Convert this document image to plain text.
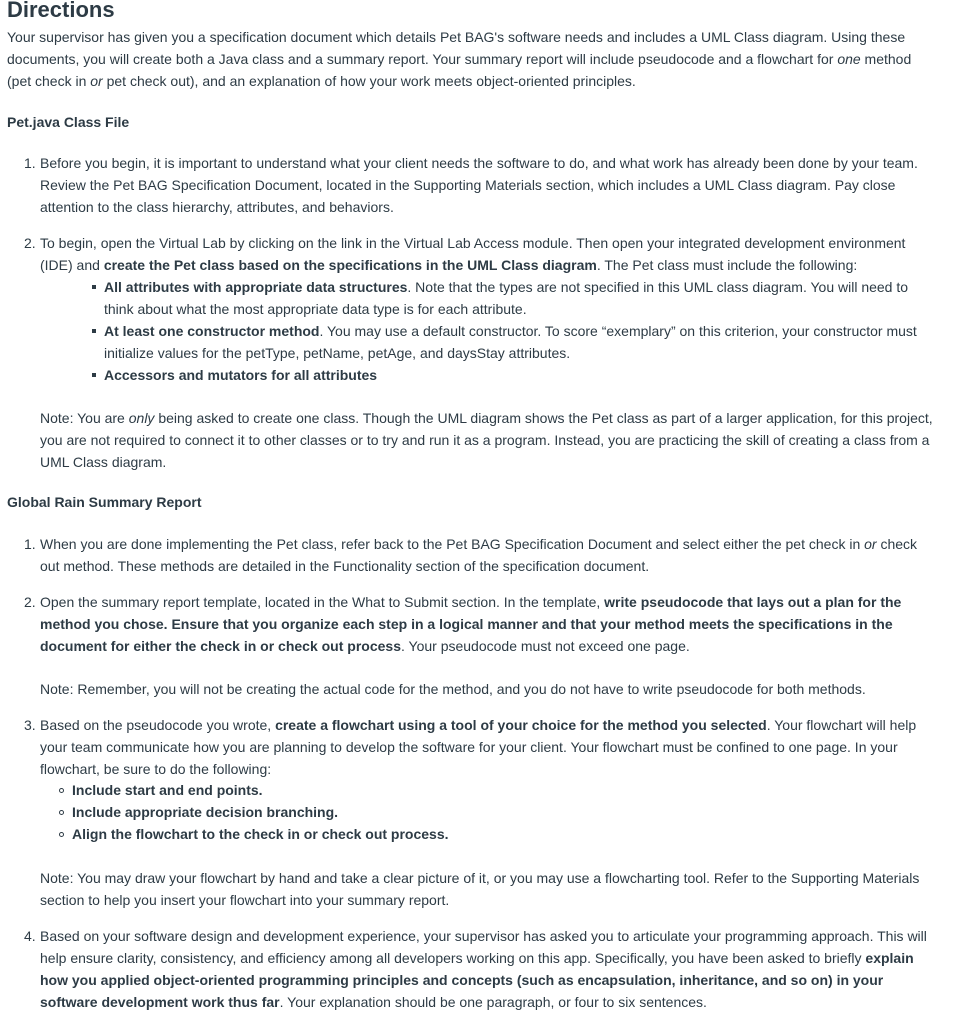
Directions

Your supervisor has given you a specification document which details Pet BAG's software needs and includes a UML Class diagram. Using these documents, you will create both a Java class and a summary report. Your summary report will include pseudocode and a flowchart for one method (pet check in or pet check out), and an explanation of how your work meets object-oriented principles.

Pet.java Class File
1. Before you begin, it is important to understand what your client needs the software to do, and what work has already been done by your team. Review the Pet BAG Specification Document, located in the Supporting Materials section, which includes a UML Class diagram. Pay close attention to the class hierarchy, attributes, and behaviors.

2. To begin, open the Virtual Lab by clicking on the link in the Virtual Lab Access module. Then open your integrated development environment (IDE) and create the Pet class based on the specifications in the UML Class diagram. The Pet class must include the following:

All attributes with appropriate data structures. Note that the types are not specified in this UML class diagram. You will need to think about what the most appropriate data type is for each attribute.

At least one constructor method. You may use a default constructor. To score “exemplary” on this criterion, your constructor must initialize values for the petType, petName, petAge, and daysStay attributes.

Accessors and mutators for all attributes

Note: You are only being asked to create one class. Though the UML diagram shows the Pet class as part of a larger application, for this project, you are not required to connect it to other classes or to try and run it as a program. Instead, you are practicing the skill of creating a class from a UML Class diagram.

Global Rain Summary Report
1. When you are done implementing the Pet class, refer back to the Pet BAG Specification Document and select either the pet check in or check out method. These methods are detailed in the Functionality section of the specification document.

2. Open the summary report template, located in the What to Submit section. In the template, write pseudocode that lays out a plan for the method you chose. Ensure that you organize each step in a logical manner and that your method meets the specifications in the document for either the check in or check out process. Your pseudocode must not exceed one page.

Note: Remember, you will not be creating the actual code for the method, and you do not have to write pseudocode for both methods.

3. Based on the pseudocode you wrote, create a flowchart using a tool of your choice for the method you selected. Your flowchart will help your team communicate how you are planning to develop the software for your client. Your flowchart must be confined to one page. In your flowchart, be sure to do the following:

Include start and end points.

Include appropriate decision branching.

Align the flowchart to the check in or check out process.

Note: You may draw your flowchart by hand and take a clear picture of it, or you may use a flowcharting tool. Refer to the Supporting Materials section to help you insert your flowchart into your summary report.

4. Based on your software design and development experience, your supervisor has asked you to articulate your programming approach. This will help ensure clarity, consistency, and efficiency among all developers working on this app. Specifically, you have been asked to briefly explain how you applied object-oriented programming principles and concepts (such as encapsulation, inheritance, and so on) in your software development work thus far. Your explanation should be one paragraph, or four to six sentences.
